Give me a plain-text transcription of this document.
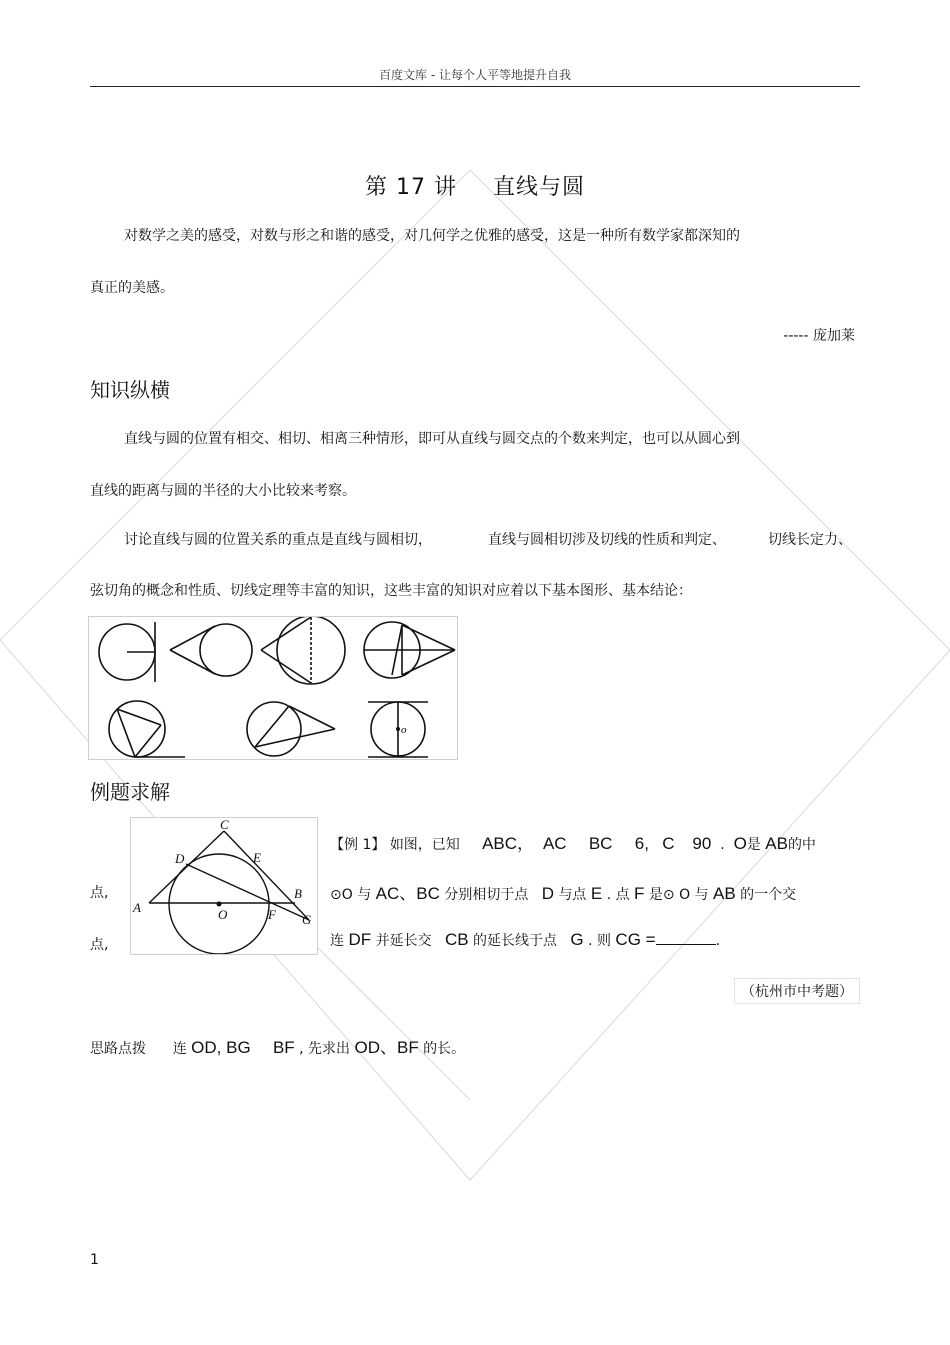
百度文库 - 让每个人平等地提升自我
第 17 讲 直线与圆
对数学之美的感受，对数与形之和谐的感受，对几何学之优雅的感受，这是一种所有数学家都深知的
真正的美感。
----- 庞加莱
知识纵横
直线与圆的位置有相交、相切、相离三种情形，即可从直线与圆交点的个数来判定，也可以从圆心到
直线的距离与圆的半径的大小比较来考察。
讨论直线与圆的位置关系的重点是直线与圆相切，	直线与圆相切涉及切线的性质和判定、	切线长定力、
弦切角的概念和性质、切线定理等丰富的知识，这些丰富的知识对应着以下基本图形、基本结论：
o
例题求解
C
D	E
B
A	O	F G
【例 1】 如图，已知 ABC， AC BC 6, C 90 . O是 AB的中
点,	⊙O 与 AC、BC 分别相切于点 D 与点 E . 点 F 是⊙ O 与 AB 的一个交
点,	连 DF 并延长交 CB 的延长线于点 G . 则 CG =	.
（杭州市中考题）
思路点拨 连 OD, BG BF , 先求出 OD、BF 的长。
1
